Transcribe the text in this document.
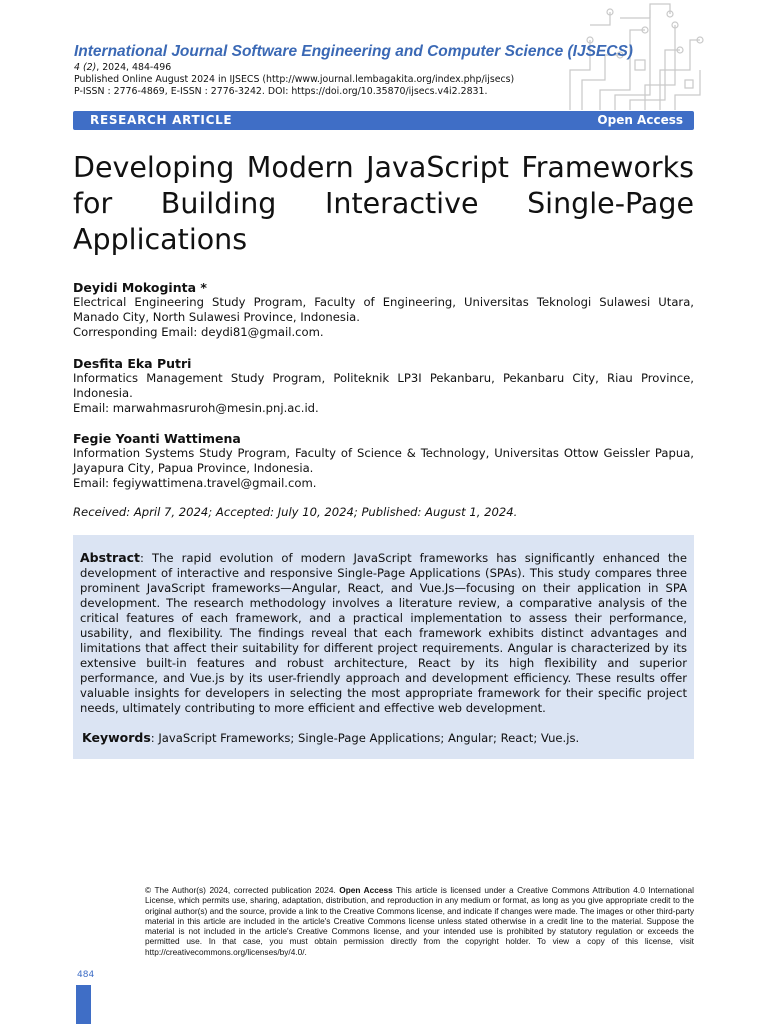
International Journal Software Engineering and Computer Science (IJSECS)
4 (2), 2024, 484-496
Published Online August 2024 in IJSECS (http://www.journal.lembagakita.org/index.php/ijsecs)
P-ISSN : 2776-4869, E-ISSN : 2776-3242. DOI: https://doi.org/10.35870/ijsecs.v4i2.2831.
RESEARCH ARTICLE	Open Access
Developing Modern JavaScript Frameworks for Building Interactive Single-Page Applications
Deyidi Mokoginta *
Electrical Engineering Study Program, Faculty of Engineering, Universitas Teknologi Sulawesi Utara, Manado City, North Sulawesi Province, Indonesia.
Corresponding Email: deydi81@gmail.com.
Desfita Eka Putri
Informatics Management Study Program, Politeknik LP3I Pekanbaru, Pekanbaru City, Riau Province, Indonesia.
Email: marwahmasruroh@mesin.pnj.ac.id.
Fegie Yoanti Wattimena
Information Systems Study Program, Faculty of Science & Technology, Universitas Ottow Geissler Papua, Jayapura City, Papua Province, Indonesia.
Email: fegiywattimena.travel@gmail.com.
Received: April 7, 2024; Accepted: July 10, 2024; Published: August 1, 2024.
Abstract: The rapid evolution of modern JavaScript frameworks has significantly enhanced the development of interactive and responsive Single-Page Applications (SPAs). This study compares three prominent JavaScript frameworks—Angular, React, and Vue.Js—focusing on their application in SPA development. The research methodology involves a literature review, a comparative analysis of the critical features of each framework, and a practical implementation to assess their performance, usability, and flexibility. The findings reveal that each framework exhibits distinct advantages and limitations that affect their suitability for different project requirements. Angular is characterized by its extensive built-in features and robust architecture, React by its high flexibility and superior performance, and Vue.js by its user-friendly approach and development efficiency. These results offer valuable insights for developers in selecting the most appropriate framework for their specific project needs, ultimately contributing to more efficient and effective web development.
Keywords: JavaScript Frameworks; Single-Page Applications; Angular; React; Vue.js.
© The Author(s) 2024, corrected publication 2024. Open Access This article is licensed under a Creative Commons Attribution 4.0 International License, which permits use, sharing, adaptation, distribution, and reproduction in any medium or format, as long as you give appropriate credit to the original author(s) and the source, provide a link to the Creative Commons license, and indicate if changes were made. The images or other third-party material in this article are included in the article's Creative Commons license unless stated otherwise in a credit line to the material. Suppose the material is not included in the article's Creative Commons license, and your intended use is prohibited by statutory regulation or exceeds the permitted use. In that case, you must obtain permission directly from the copyright holder. To view a copy of this license, visit http://creativecommons.org/licenses/by/4.0/.
484
